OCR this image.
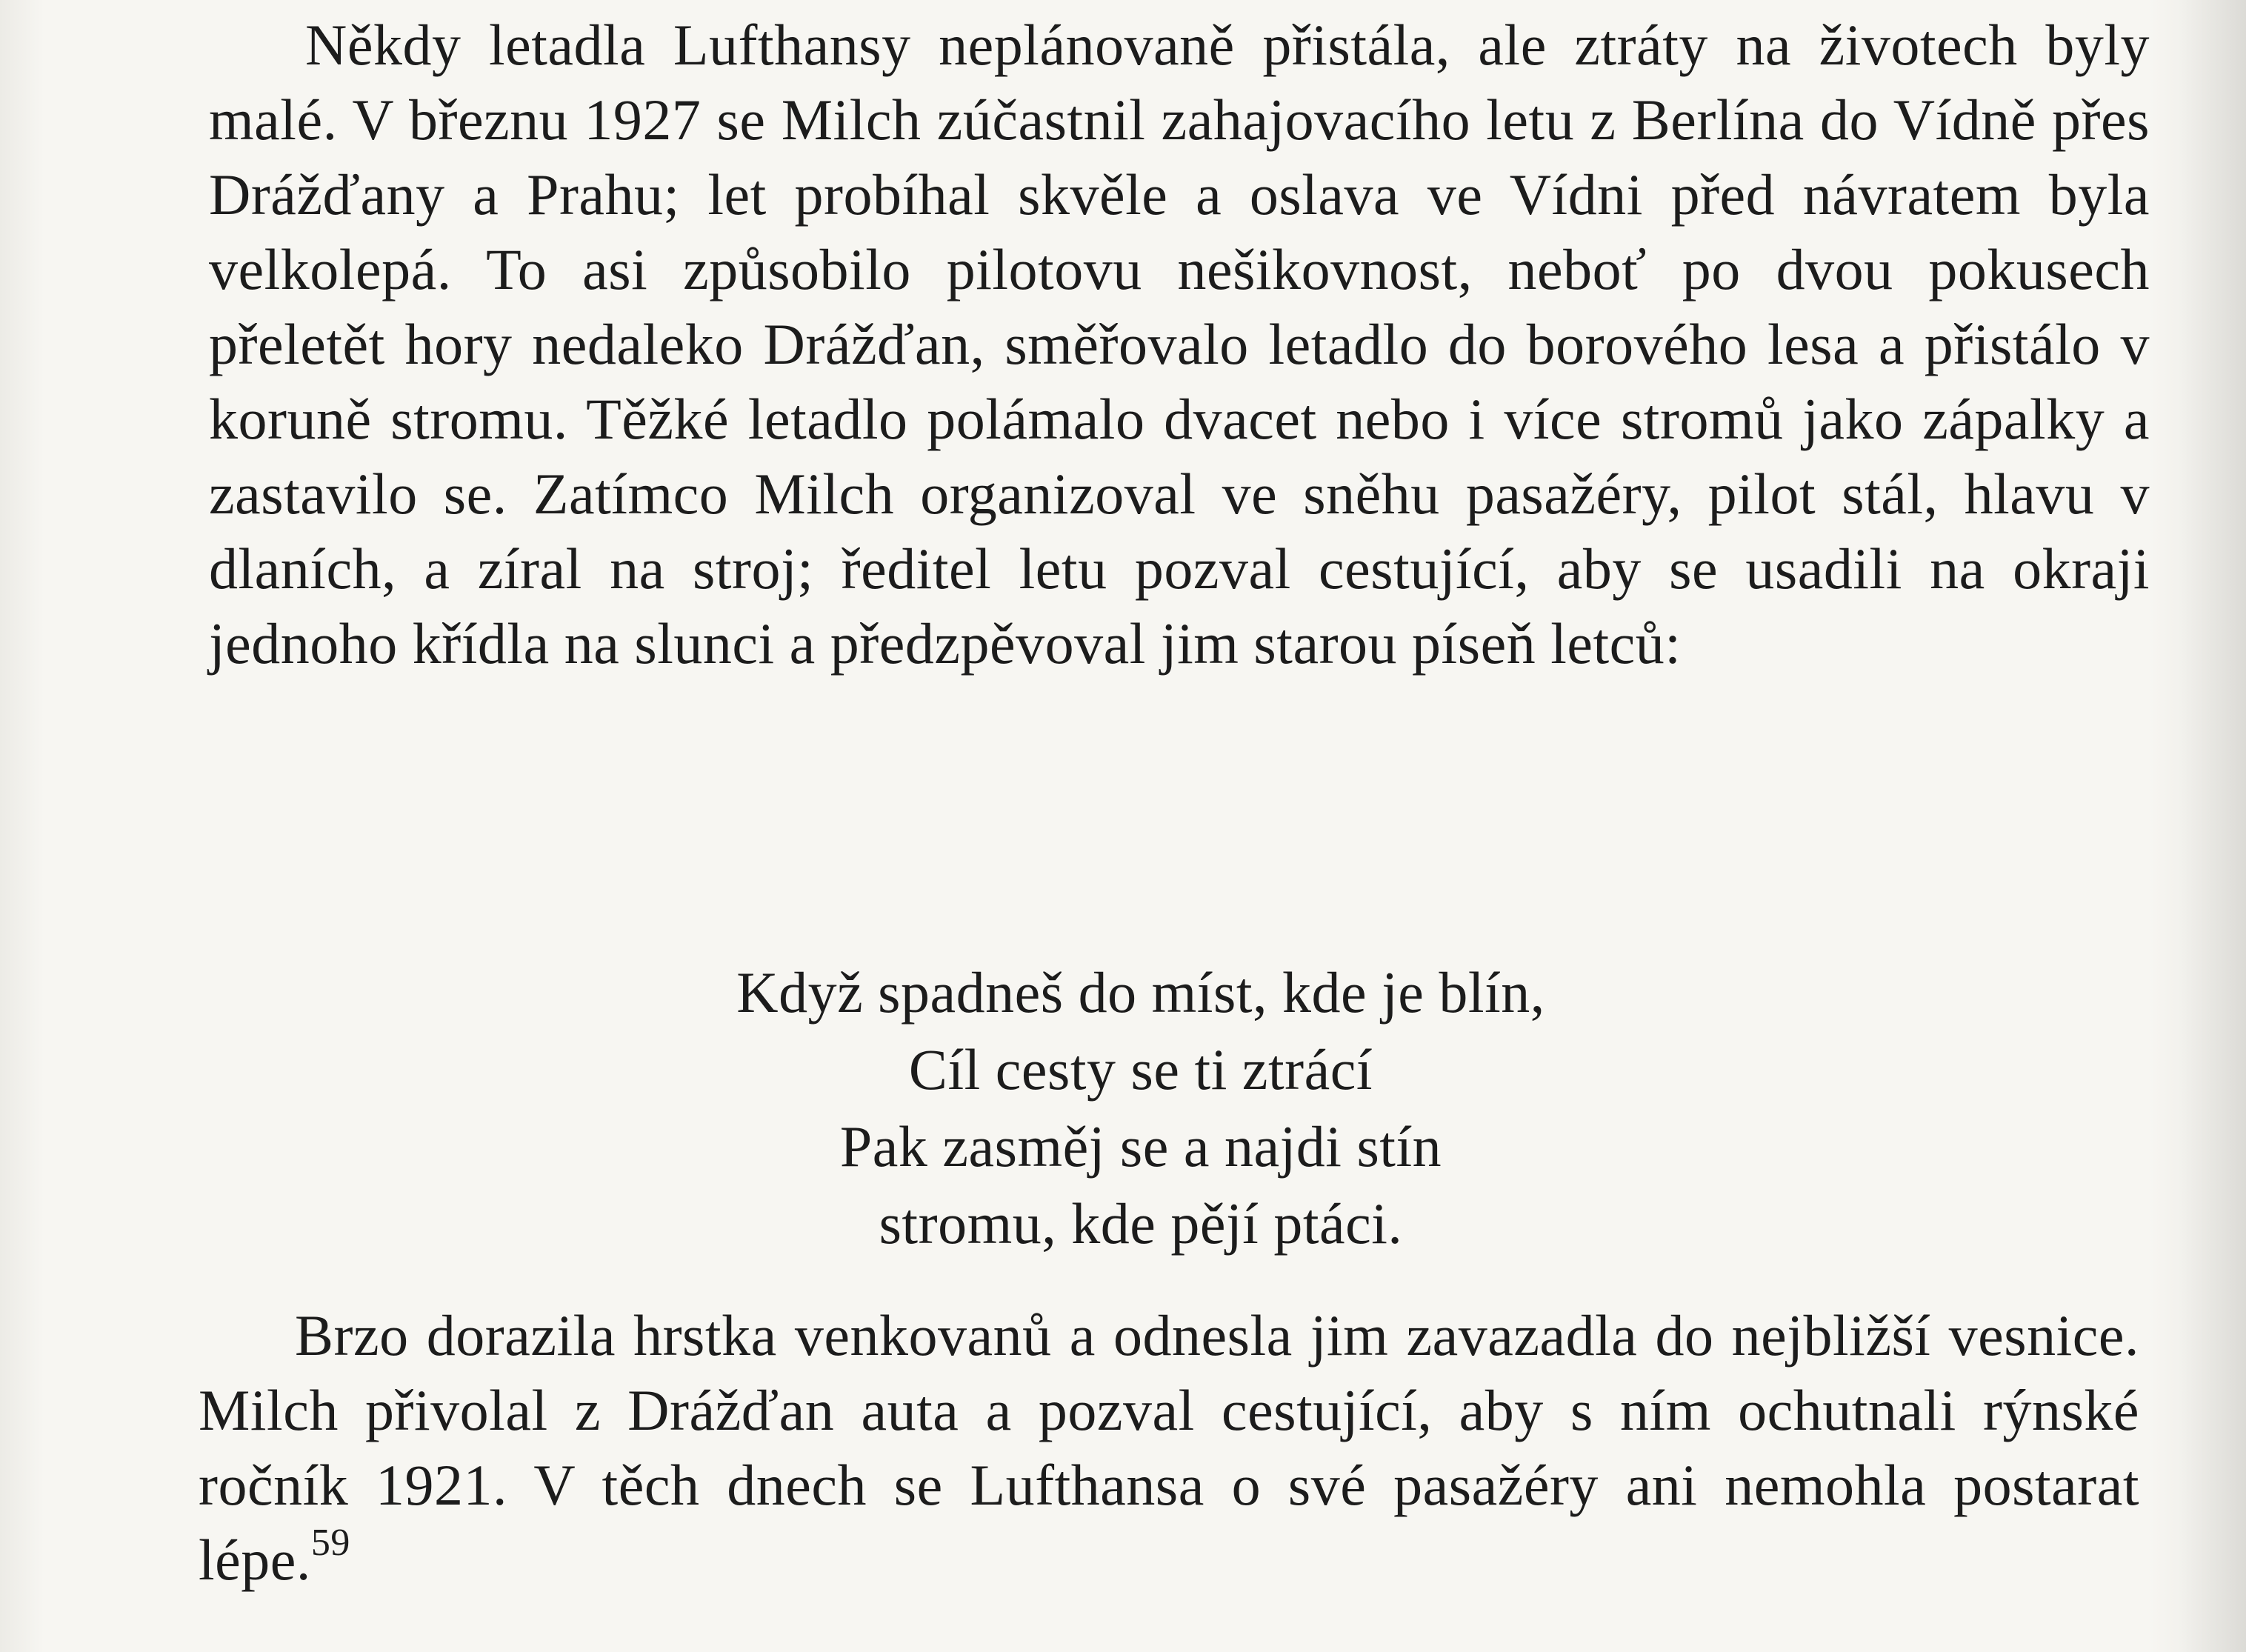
Někdy letadla Lufthansy neplánovaně přistála, ale ztráty na životech byly malé. V březnu 1927 se Milch zúčastnil zahajovacího letu z Berlína do Vídně přes Drážďany a Prahu; let probíhal skvěle a oslava ve Vídni před návratem byla velkolepá. To asi způsobilo pilotovu nešikovnost, neboť po dvou pokusech přeletět hory nedaleko Drážďan, směřovalo letadlo do borového lesa a přistálo v koruně stromu. Těžké letadlo polámalo dvacet nebo i více stromů jako zápalky a zastavilo se. Zatímco Milch organizoval ve sněhu pasažéry, pilot stál, hlavu v dlaních, a zíral na stroj; ředitel letu pozval cestující, aby se usadili na okraji jednoho křídla na slunci a předzpěvoval jim starou píseň letců:

Když spadneš do míst, kde je blín,
Cíl cesty se ti ztrácí
Pak zasměj se a najdi stín
stromu, kde pějí ptáci.

Brzo dorazila hrstka venkovanů a odnesla jim zavazadla do nejbližší vesnice. Milch přivolal z Drážďan auta a pozval cestující, aby s ním ochutnali rýnské ročník 1921. V těch dnech se Lufthansa o své pasažéry ani nemohla postarat lépe.$^{59}$
